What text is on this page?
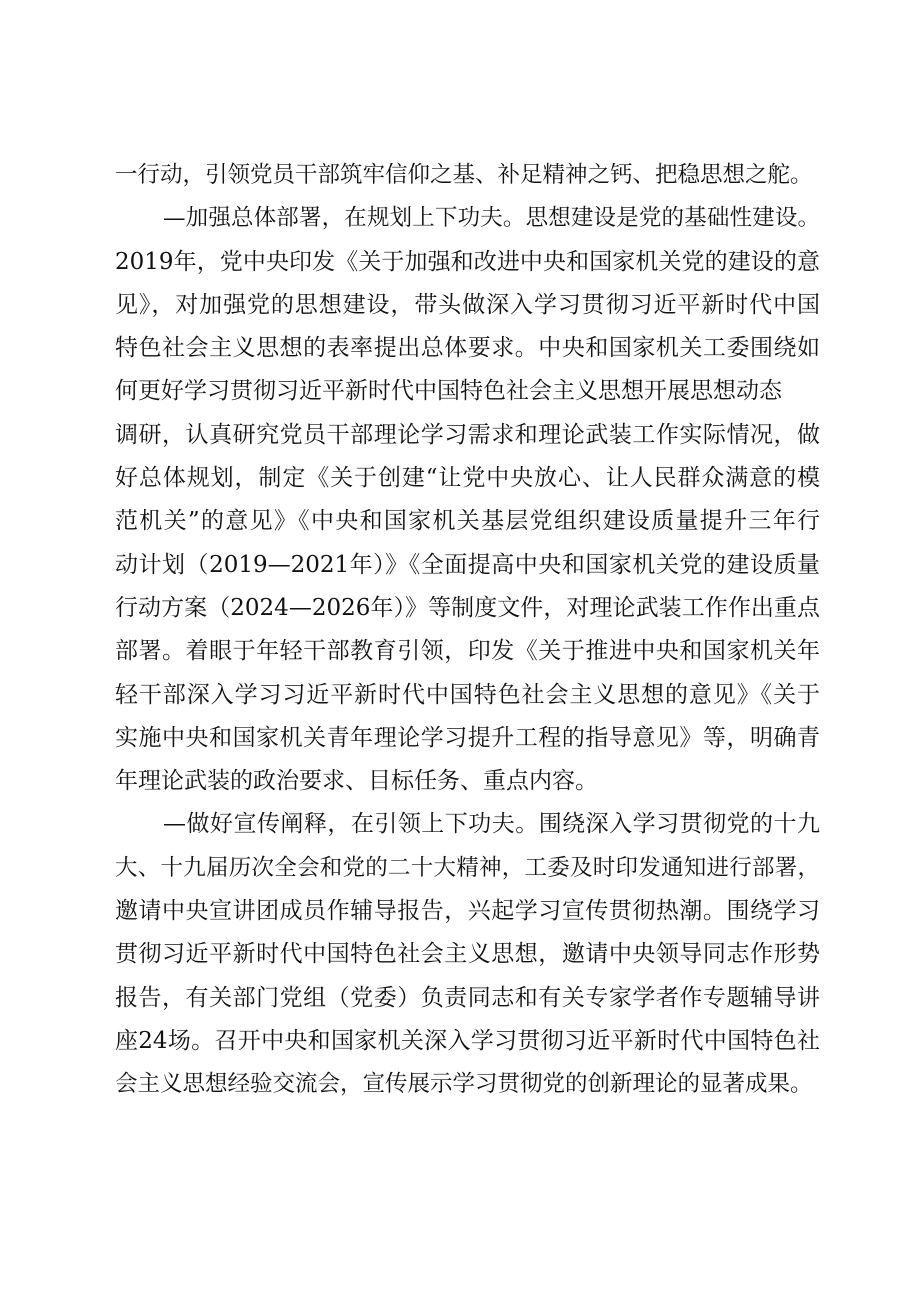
一行动，引领党员干部筑牢信仰之基、补足精神之钙、把稳思想之舵。
—加强总体部署，在规划上下功夫。思想建设是党的基础性建设。
2019年，党中央印发《关于加强和改进中央和国家机关党的建设的意
见》，对加强党的思想建设，带头做深入学习贯彻习近平新时代中国
特色社会主义思想的表率提出总体要求。中央和国家机关工委围绕如
何更好学习贯彻习近平新时代中国特色社会主义思想开展思想动态
调研，认真研究党员干部理论学习需求和理论武装工作实际情况，做
好总体规划，制定《关于创建“让党中央放心、让人民群众满意的模
范机关”的意见》《中央和国家机关基层党组织建设质量提升三年行
动计划（2019—2021年）》《全面提高中央和国家机关党的建设质量
行动方案（2024—2026年）》等制度文件，对理论武装工作作出重点
部署。着眼于年轻干部教育引领，印发《关于推进中央和国家机关年
轻干部深入学习习近平新时代中国特色社会主义思想的意见》《关于
实施中央和国家机关青年理论学习提升工程的指导意见》等，明确青
年理论武装的政治要求、目标任务、重点内容。
—做好宣传阐释，在引领上下功夫。围绕深入学习贯彻党的十九
大、十九届历次全会和党的二十大精神，工委及时印发通知进行部署，
邀请中央宣讲团成员作辅导报告，兴起学习宣传贯彻热潮。围绕学习
贯彻习近平新时代中国特色社会主义思想，邀请中央领导同志作形势
报告，有关部门党组（党委）负责同志和有关专家学者作专题辅导讲
座24场。召开中央和国家机关深入学习贯彻习近平新时代中国特色社
会主义思想经验交流会，宣传展示学习贯彻党的创新理论的显著成果。
